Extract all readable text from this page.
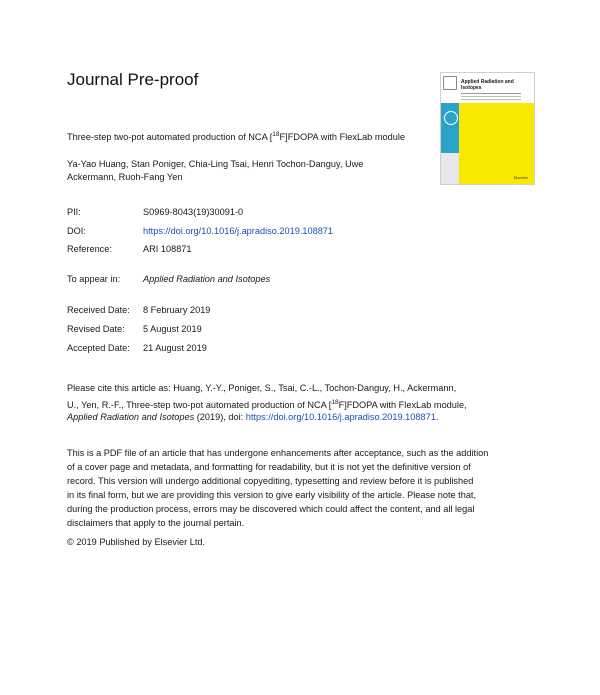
Journal Pre-proof	Applied Radiation and Isotopes
Elsevier
Three-step two-pot automated production of NCA [$^{18}$F]FDOPA with FlexLab module
Ya-Yao Huang, Stan Poniger, Chia-Ling Tsai, Henri Tochon-Danguy, Uwe
Ackermann, Ruoh-Fang Yen
PII:	S0969-8043(19)30091-0
DOI:	https://doi.org/10.1016/j.apradiso.2019.108871
Reference:	ARI 108871
To appear in: Applied Radiation and Isotopes
Received Date: 8 February 2019
Revised Date: 5 August 2019
Accepted Date: 21 August 2019
Please cite this article as: Huang, Y.-Y., Poniger, S., Tsai, C.-L., Tochon-Danguy, H., Ackermann,
U., Yen, R.-F., Three-step two-pot automated production of NCA [$^{18}$F]FDOPA with FlexLab module,
Applied Radiation and Isotopes (2019), doi: https://doi.org/10.1016/j.apradiso.2019.108871.
This is a PDF file of an article that has undergone enhancements after acceptance, such as the addition
of a cover page and metadata, and formatting for readability, but it is not yet the definitive version of
record. This version will undergo additional copyediting, typesetting and review before it is published
in its final form, but we are providing this version to give early visibility of the article. Please note that,
during the production process, errors may be discovered which could affect the content, and all legal
disclaimers that apply to the journal pertain.
© 2019 Published by Elsevier Ltd.
